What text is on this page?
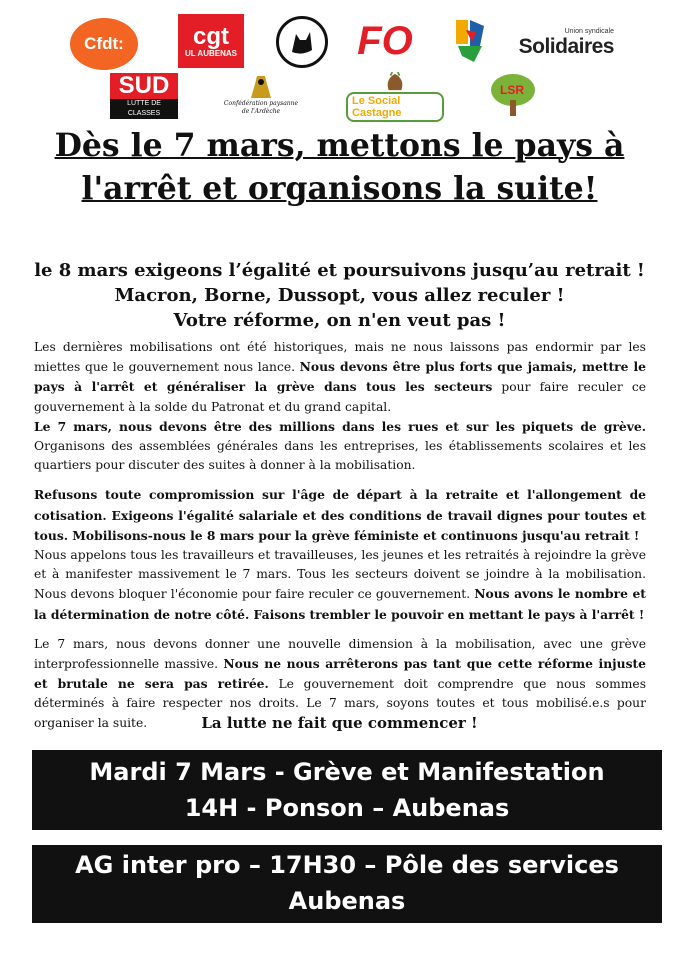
Cfdt:	cgt
UL AUBENAS	FO	Union syndicale
Solidaires
SUD
LUTTE DE CLASSES
Confédération paysanne de l'Ardèche
Le Social Castagne
LSR
Dès le 7 mars, mettons le pays à
l'arrêt et organisons la suite!
le 8 mars exigeons l’égalité et poursuivons jusqu’au retrait !
Macron, Borne, Dussopt, vous allez reculer !
Votre réforme, on n'en veut pas !

Les dernières mobilisations ont été historiques, mais ne nous laissons pas endormir par les miettes que le gouvernement nous lance. Nous devons être plus forts que jamais, mettre le pays à l'arrêt et généraliser la grève dans tous les secteurs pour faire reculer ce gouvernement à la solde du Patronat et du grand capital.
Le 7 mars, nous devons être des millions dans les rues et sur les piquets de grève. Organisons des assemblées générales dans les entreprises, les établissements scolaires et les quartiers pour discuter des suites à donner à la mobilisation.

Refusons toute compromission sur l'âge de départ à la retraite et l'allongement de cotisation. Exigeons l'égalité salariale et des conditions de travail dignes pour toutes et tous. Mobilisons-nous le 8 mars pour la grève féministe et continuons jusqu'au retrait !
Nous appelons tous les travailleurs et travailleuses, les jeunes et les retraités à rejoindre la grève et à manifester massivement le 7 mars. Tous les secteurs doivent se joindre à la mobilisation. Nous devons bloquer l'économie pour faire reculer ce gouvernement. Nous avons le nombre et la détermination de notre côté. Faisons trembler le pouvoir en mettant le pays à l'arrêt !

Le 7 mars, nous devons donner une nouvelle dimension à la mobilisation, avec une grève interprofessionnelle massive. Nous ne nous arrêterons pas tant que cette réforme injuste et brutale ne sera pas retirée. Le gouvernement doit comprendre que nous sommes déterminés à faire respecter nos droits. Le 7 mars, soyons toutes et tous mobilisé.e.s pour organiser la suite.	La lutte ne fait que commencer !
Mardi 7 Mars - Grève et Manifestation
14H - Ponson – Aubenas
AG inter pro – 17H30 – Pôle des services
Aubenas
